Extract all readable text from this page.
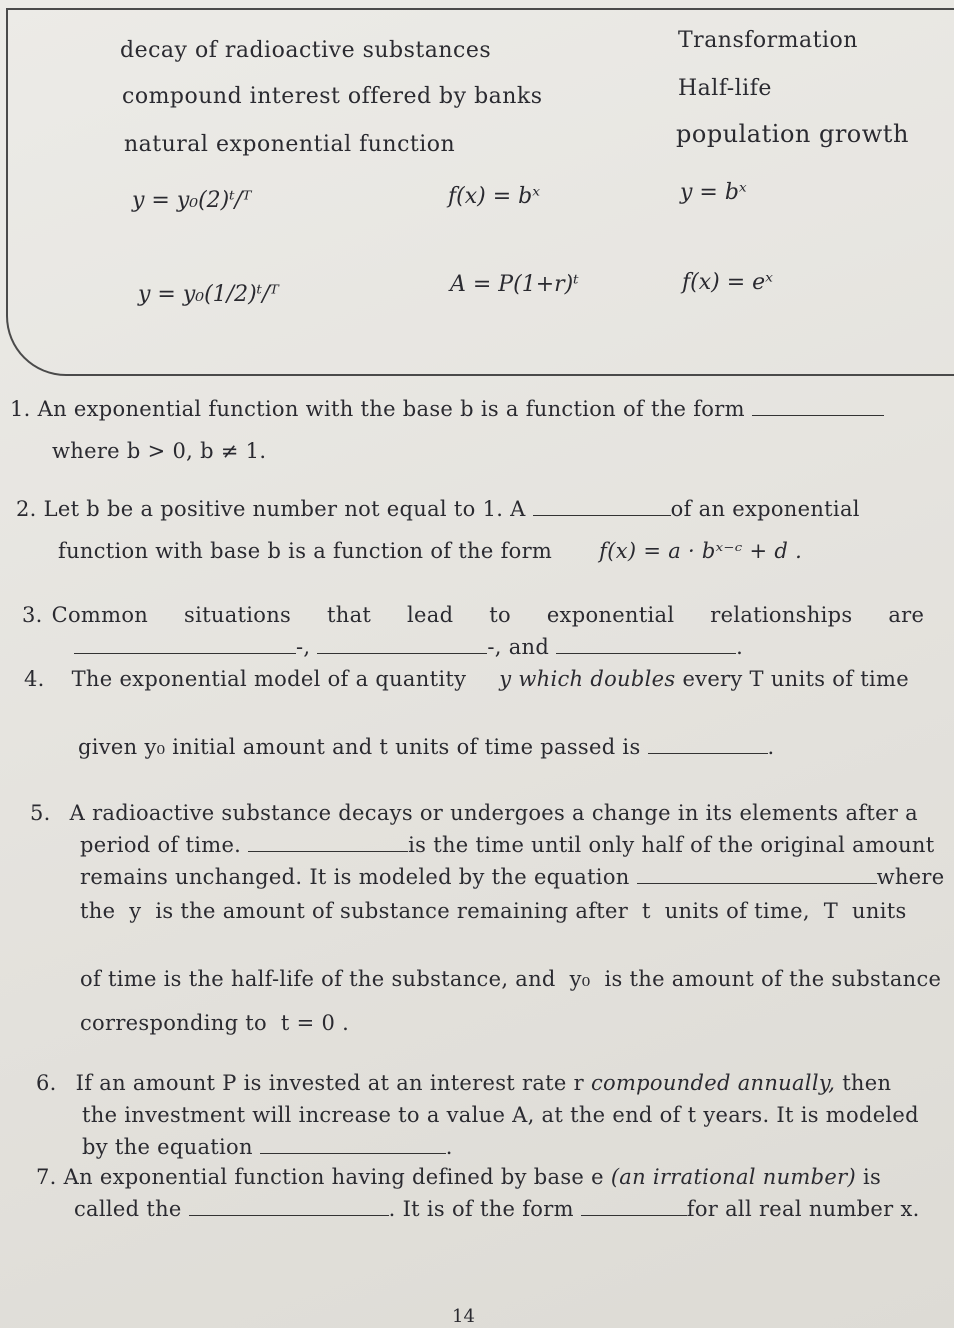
decay of radioactive substances	Transformation
compound interest offered by banks	Half-life
natural exponential function	population growth
y = y₀(2)ᵗ/ᵀ	f(x) = bˣ	y = bˣ
y = y₀(1/2)ᵗ/ᵀ	A = P(1+r)ᵗ	f(x) = eˣ
1. An exponential function with the base b is a function of the form
where b > 0, b ≠ 1.
2. Let b be a positive number not equal to 1. A	of an exponential
function with base b is a function of the form f(x) = a · bˣ⁻ᶜ + d .
3. Common    situations    that    lead    to    exponential    relationships    are
-,	-, and	.
4. The exponential model of a quantity y which doubles every T units of time
given y₀ initial amount and t units of time passed is	.
5. A radioactive substance decays or undergoes a change in its elements after a
period of time.	is the time until only half of the original amount
remains unchanged. It is modeled by the equation	where
the  y  is the amount of substance remaining after  t  units of time,  T  units
of time is the half-life of the substance, and  y₀  is the amount of the substance
corresponding to  t = 0 .
6. If an amount P is invested at an interest rate r compounded annually, then
the investment will increase to a value A, at the end of t years. It is modeled
by the equation	.
7. An exponential function having defined by base e (an irrational number) is
called the	. It is of the form	for all real number x.
14
